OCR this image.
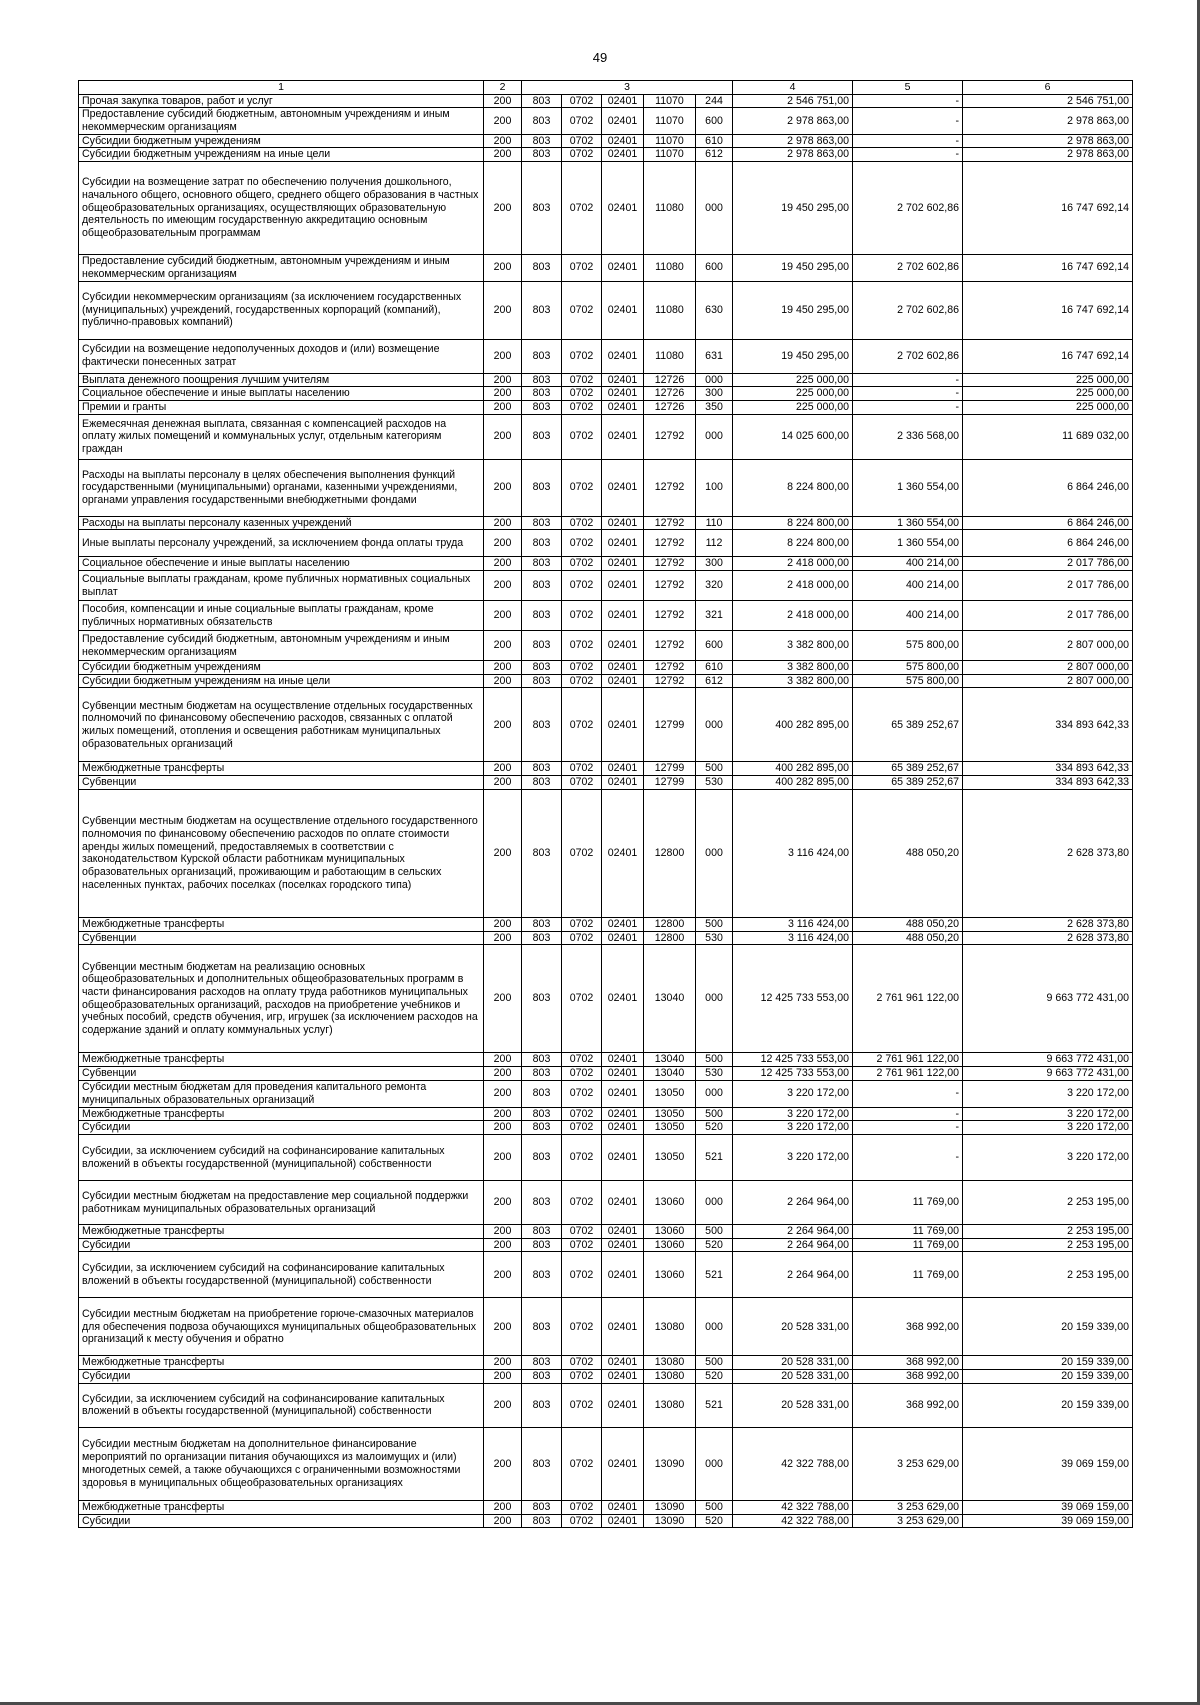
49
1	2	3					4	5	6
Прочая закупка товаров, работ и услуг	200	803	0702	02401	11070	244	2 546 751,00	-	2 546 751,00
Предоставление субсидий бюджетным, автономным учреждениям и иным некоммерческим организациям	200	803	0702	02401	11070	600	2 978 863,00	-	2 978 863,00
Субсидии бюджетным учреждениям	200	803	0702	02401	11070	610	2 978 863,00	-	2 978 863,00
Субсидии бюджетным учреждениям на иные цели	200	803	0702	02401	11070	612	2 978 863,00	-	2 978 863,00
Субсидии на возмещение затрат по обеспечению получения дошкольного, начального общего, основного общего, среднего общего образования в частных общеобразовательных организациях, осуществляющих образовательную деятельность по имеющим государственную аккредитацию основным общеобразовательным программам	200	803	0702	02401	11080	000	19 450 295,00	2 702 602,86	16 747 692,14
Предоставление субсидий бюджетным, автономным учреждениям и иным некоммерческим организациям	200	803	0702	02401	11080	600	19 450 295,00	2 702 602,86	16 747 692,14
Субсидии некоммерческим организациям (за исключением государственных (муниципальных) учреждений, государственных корпораций (компаний), публично-правовых компаний)	200	803	0702	02401	11080	630	19 450 295,00	2 702 602,86	16 747 692,14
Субсидии на возмещение недополученных доходов и (или) возмещение фактически понесенных затрат	200	803	0702	02401	11080	631	19 450 295,00	2 702 602,86	16 747 692,14
Выплата денежного поощрения лучшим учителям	200	803	0702	02401	12726	000	225 000,00	-	225 000,00
Социальное обеспечение и иные выплаты населению	200	803	0702	02401	12726	300	225 000,00	-	225 000,00
Премии и гранты	200	803	0702	02401	12726	350	225 000,00	-	225 000,00
Ежемесячная денежная выплата, связанная с компенсацией расходов на оплату жилых помещений и коммунальных услуг, отдельным категориям граждан	200	803	0702	02401	12792	000	14 025 600,00	2 336 568,00	11 689 032,00
Расходы на выплаты персоналу в целях обеспечения выполнения функций государственными (муниципальными) органами, казенными учреждениями, органами управления государственными внебюджетными фондами	200	803	0702	02401	12792	100	8 224 800,00	1 360 554,00	6 864 246,00
Расходы на выплаты персоналу казенных учреждений	200	803	0702	02401	12792	110	8 224 800,00	1 360 554,00	6 864 246,00
Иные выплаты персоналу учреждений, за исключением фонда оплаты труда	200	803	0702	02401	12792	112	8 224 800,00	1 360 554,00	6 864 246,00
Социальное обеспечение и иные выплаты населению	200	803	0702	02401	12792	300	2 418 000,00	400 214,00	2 017 786,00
Социальные выплаты гражданам, кроме публичных нормативных социальных выплат	200	803	0702	02401	12792	320	2 418 000,00	400 214,00	2 017 786,00
Пособия, компенсации и иные социальные выплаты гражданам, кроме публичных нормативных обязательств	200	803	0702	02401	12792	321	2 418 000,00	400 214,00	2 017 786,00
Предоставление субсидий бюджетным, автономным учреждениям и иным некоммерческим организациям	200	803	0702	02401	12792	600	3 382 800,00	575 800,00	2 807 000,00
Субсидии бюджетным учреждениям	200	803	0702	02401	12792	610	3 382 800,00	575 800,00	2 807 000,00
Субсидии бюджетным учреждениям на иные цели	200	803	0702	02401	12792	612	3 382 800,00	575 800,00	2 807 000,00
Субвенции местным бюджетам на осуществление отдельных государственных полномочий по финансовому обеспечению расходов, связанных с оплатой жилых помещений, отопления и освещения работникам муниципальных образовательных организаций	200	803	0702	02401	12799	000	400 282 895,00	65 389 252,67	334 893 642,33
Межбюджетные трансферты	200	803	0702	02401	12799	500	400 282 895,00	65 389 252,67	334 893 642,33
Субвенции	200	803	0702	02401	12799	530	400 282 895,00	65 389 252,67	334 893 642,33
Субвенции местным бюджетам на осуществление отдельного государственного полномочия по финансовому обеспечению расходов по оплате стоимости аренды жилых помещений, предоставляемых в соответствии с законодательством Курской области работникам муниципальных образовательных организаций, проживающим и работающим в сельских населенных пунктах, рабочих поселках (поселках городского типа)	200	803	0702	02401	12800	000	3 116 424,00	488 050,20	2 628 373,80
Межбюджетные трансферты	200	803	0702	02401	12800	500	3 116 424,00	488 050,20	2 628 373,80
Субвенции	200	803	0702	02401	12800	530	3 116 424,00	488 050,20	2 628 373,80
Субвенции местным бюджетам на реализацию основных общеобразовательных и дополнительных общеобразовательных программ в части финансирования расходов на оплату труда работников муниципальных общеобразовательных организаций, расходов на приобретение учебников и учебных пособий, средств обучения, игр, игрушек (за исключением расходов на содержание зданий и оплату коммунальных услуг)	200	803	0702	02401	13040	000	12 425 733 553,00	2 761 961 122,00	9 663 772 431,00
Межбюджетные трансферты	200	803	0702	02401	13040	500	12 425 733 553,00	2 761 961 122,00	9 663 772 431,00
Субвенции	200	803	0702	02401	13040	530	12 425 733 553,00	2 761 961 122,00	9 663 772 431,00
Субсидии местным бюджетам для проведения капитального ремонта муниципальных образовательных организаций	200	803	0702	02401	13050	000	3 220 172,00	-	3 220 172,00
Межбюджетные трансферты	200	803	0702	02401	13050	500	3 220 172,00	-	3 220 172,00
Субсидии	200	803	0702	02401	13050	520	3 220 172,00	-	3 220 172,00
Субсидии, за исключением субсидий на софинансирование капитальных вложений в объекты государственной (муниципальной) собственности	200	803	0702	02401	13050	521	3 220 172,00	-	3 220 172,00
Субсидии местным бюджетам на предоставление мер социальной поддержки работникам муниципальных образовательных организаций	200	803	0702	02401	13060	000	2 264 964,00	11 769,00	2 253 195,00
Межбюджетные трансферты	200	803	0702	02401	13060	500	2 264 964,00	11 769,00	2 253 195,00
Субсидии	200	803	0702	02401	13060	520	2 264 964,00	11 769,00	2 253 195,00
Субсидии, за исключением субсидий на софинансирование капитальных вложений в объекты государственной (муниципальной) собственности	200	803	0702	02401	13060	521	2 264 964,00	11 769,00	2 253 195,00
Субсидии местным бюджетам на приобретение горюче-смазочных материалов для обеспечения подвоза обучающихся муниципальных общеобразовательных организаций к месту обучения и обратно	200	803	0702	02401	13080	000	20 528 331,00	368 992,00	20 159 339,00
Межбюджетные трансферты	200	803	0702	02401	13080	500	20 528 331,00	368 992,00	20 159 339,00
Субсидии	200	803	0702	02401	13080	520	20 528 331,00	368 992,00	20 159 339,00
Субсидии, за исключением субсидий на софинансирование капитальных вложений в объекты государственной (муниципальной) собственности	200	803	0702	02401	13080	521	20 528 331,00	368 992,00	20 159 339,00
Субсидии местным бюджетам на дополнительное финансирование мероприятий по организации питания обучающихся из малоимущих и (или) многодетных семей, а также обучающихся с ограниченными возможностями здоровья в муниципальных общеобразовательных организациях	200	803	0702	02401	13090	000	42 322 788,00	3 253 629,00	39 069 159,00
Межбюджетные трансферты	200	803	0702	02401	13090	500	42 322 788,00	3 253 629,00	39 069 159,00
Субсидии	200	803	0702	02401	13090	520	42 322 788,00	3 253 629,00	39 069 159,00
